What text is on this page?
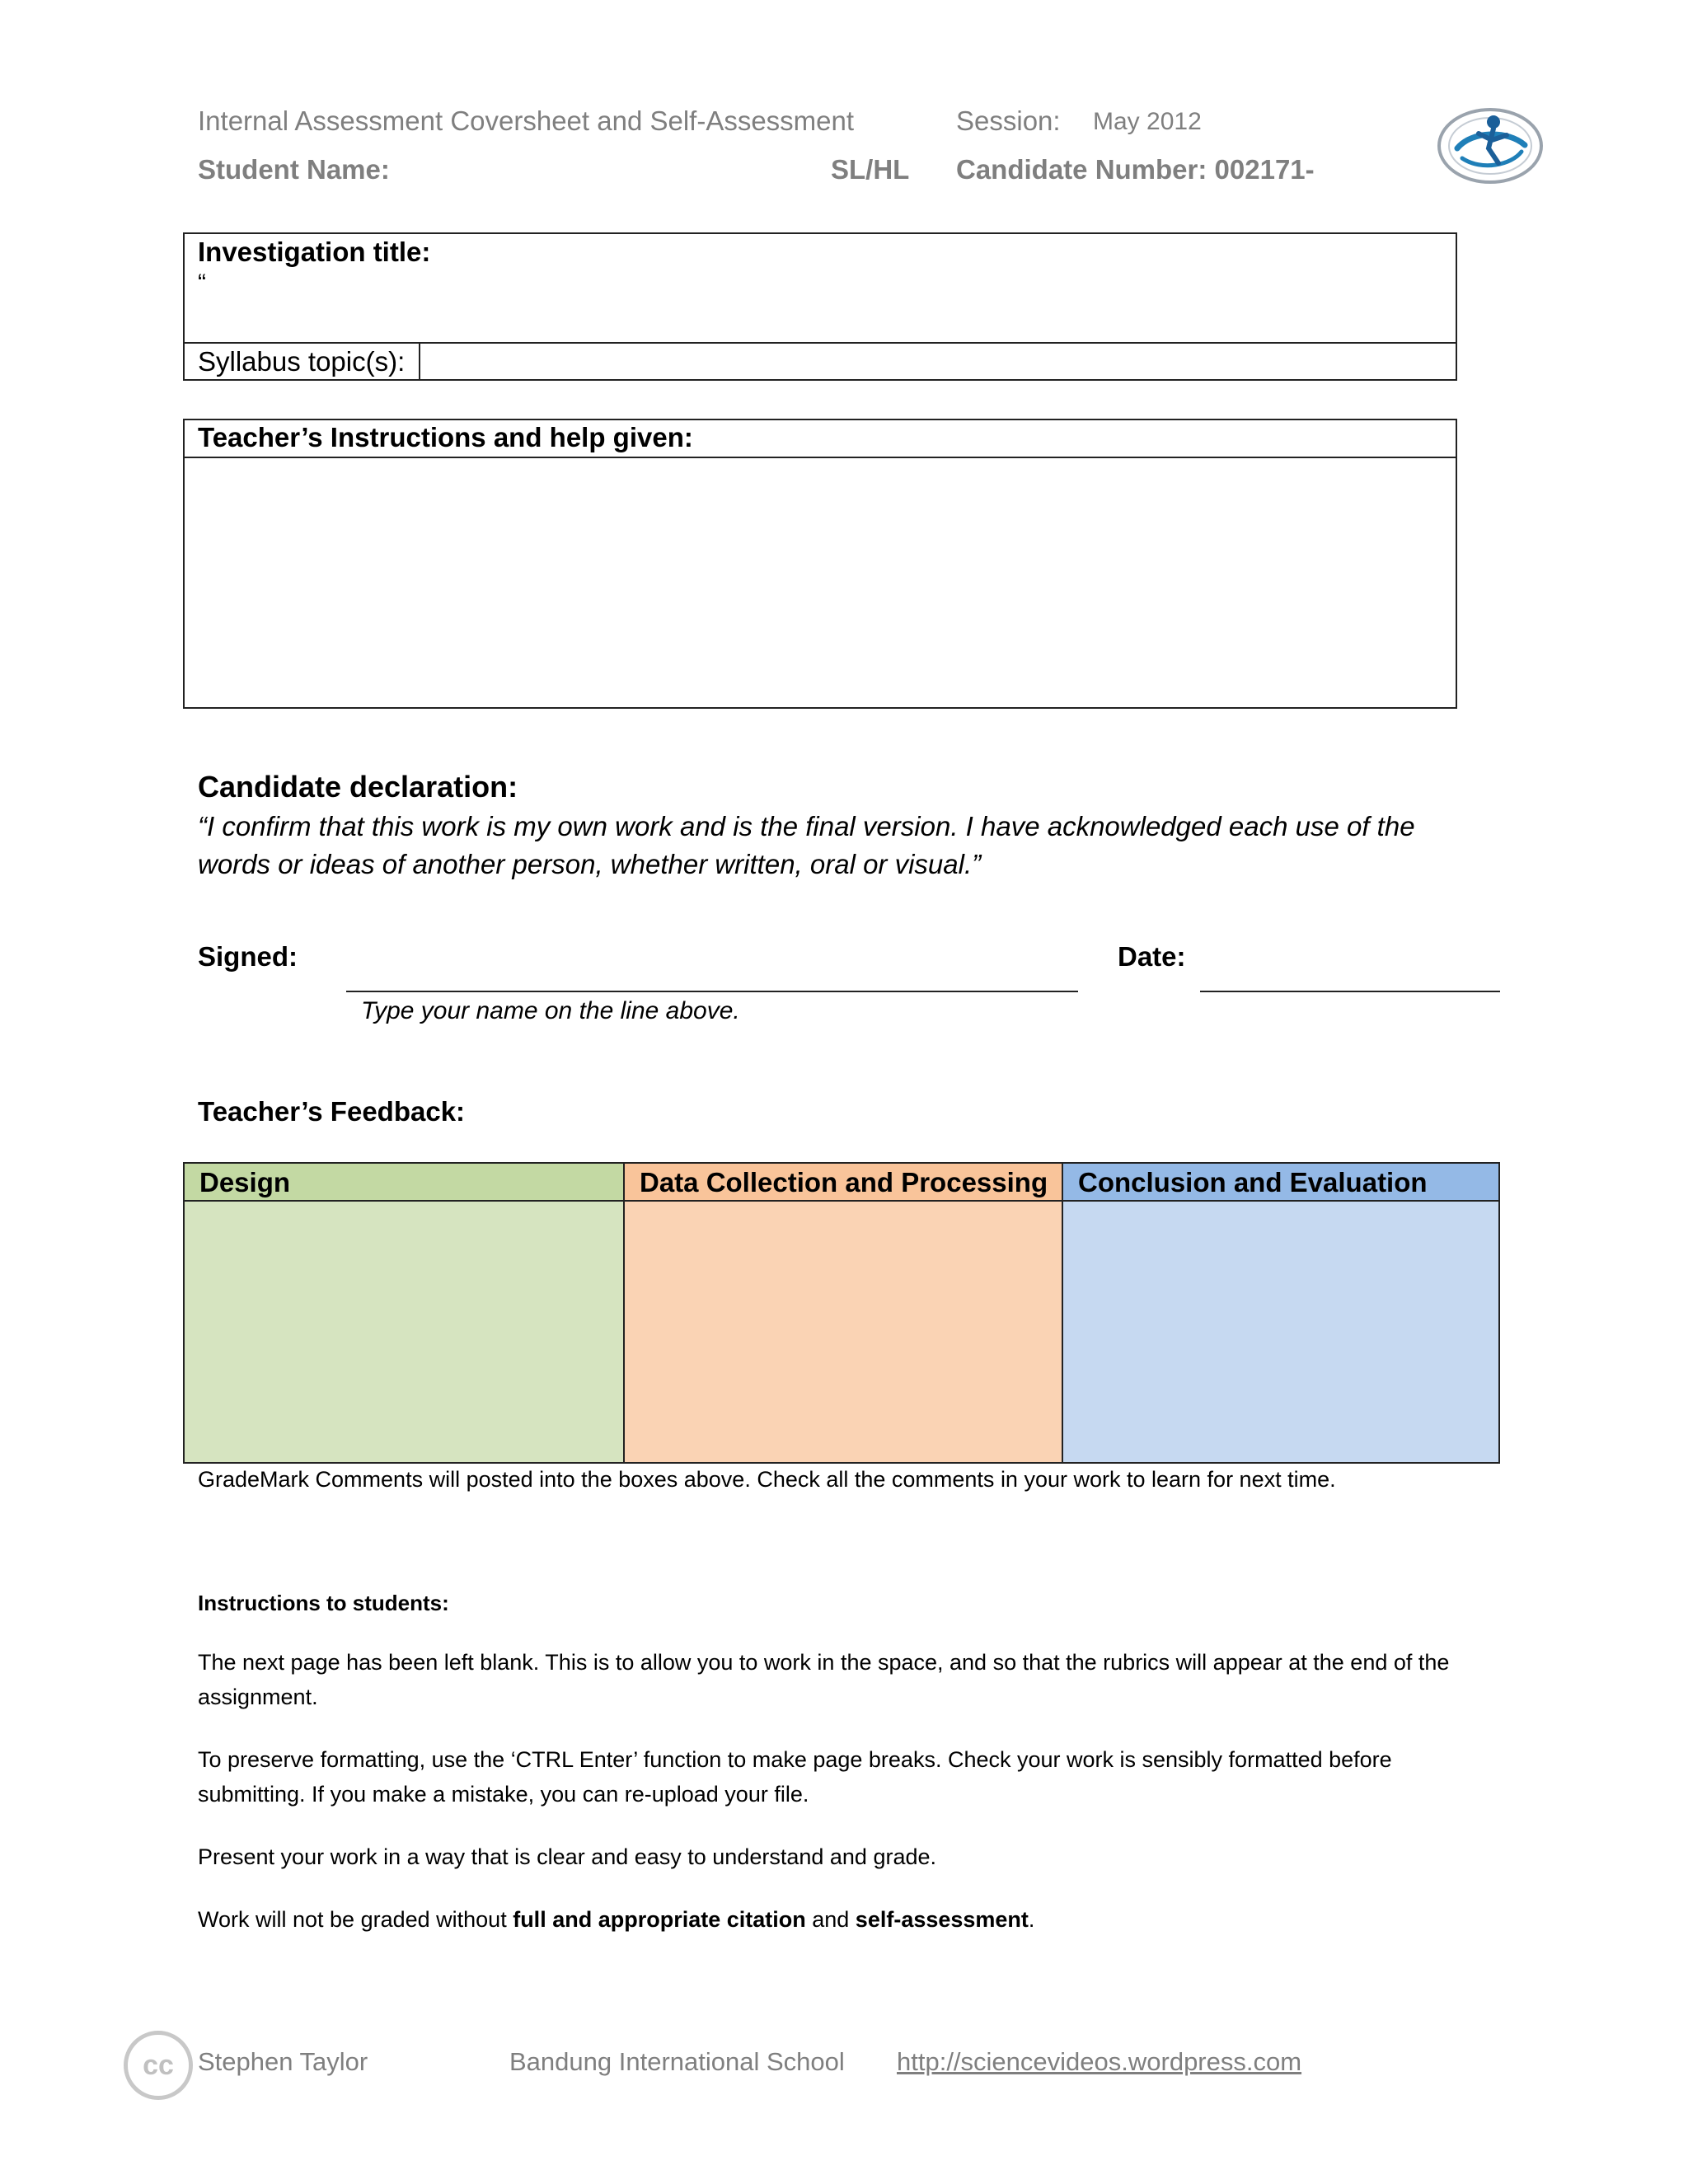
Internal Assessment Coversheet and Self-Assessment	Session: May 2012
Student Name:	SL/HL Candidate Number: 002171-
Investigation title:
“
Syllabus topic(s):
Teacher’s Instructions and help given:
Candidate declaration:
“I confirm that this work is my own work and is the final version. I have acknowledged each use of the words or ideas of another person, whether written, oral or visual.”
Signed:
Type your name on the line above.
Date:
Teacher’s Feedback:
Design	Data Collection and Processing	Conclusion and Evaluation
GradeMark Comments will posted into the boxes above. Check all the comments in your work to learn for next time.
Instructions to students:
The next page has been left blank. This is to allow you to work in the space, and so that the rubrics will appear at the end of the assignment.
To preserve formatting, use the ‘CTRL Enter’ function to make page breaks. Check your work is sensibly formatted before submitting. If you make a mistake, you can re-upload your file.
Present your work in a way that is clear and easy to understand and grade.
Work will not be graded without full and appropriate citation and self-assessment.
cc Stephen Taylor	Bandung International School http://sciencevideos.wordpress.com
